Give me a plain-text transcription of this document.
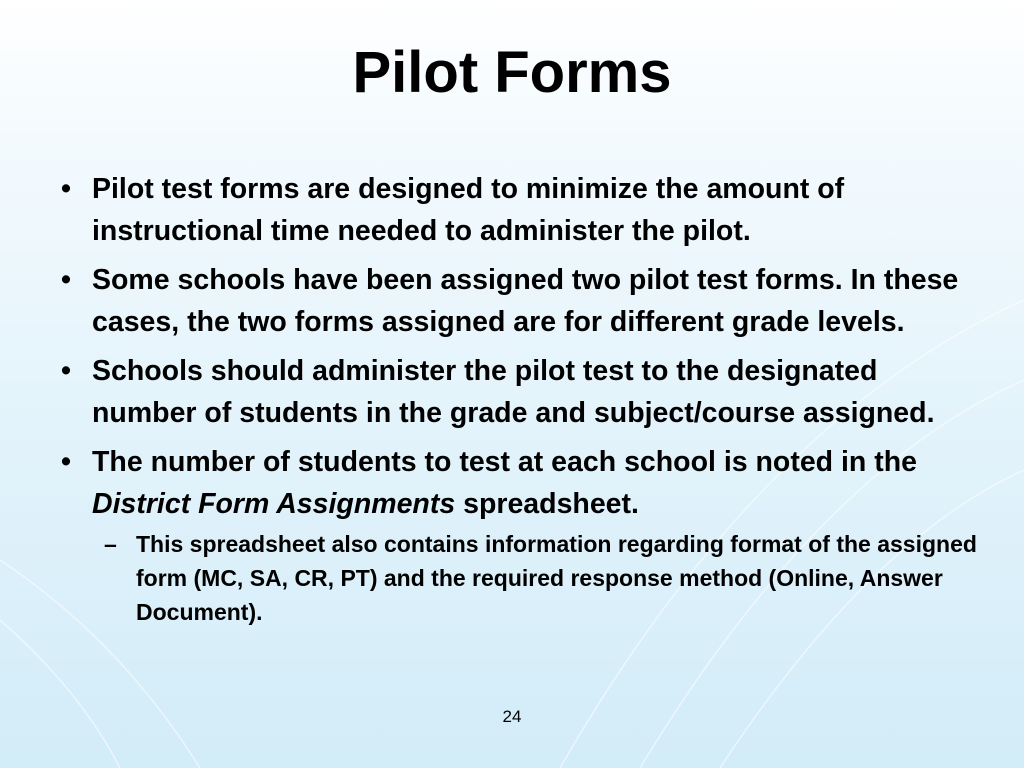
Pilot Forms
• Pilot test forms are designed to minimize the amount of instructional time needed to administer the pilot.
• Some schools have been assigned two pilot test forms. In these cases, the two forms assigned are for different grade levels.
• Schools should administer the pilot test to the designated number of students in the grade and subject/course assigned.
• The number of students to test at each school is noted in the District Form Assignments spreadsheet.
– This spreadsheet also contains information regarding format of the assigned form (MC, SA, CR, PT) and the required response method (Online, Answer Document).
24
